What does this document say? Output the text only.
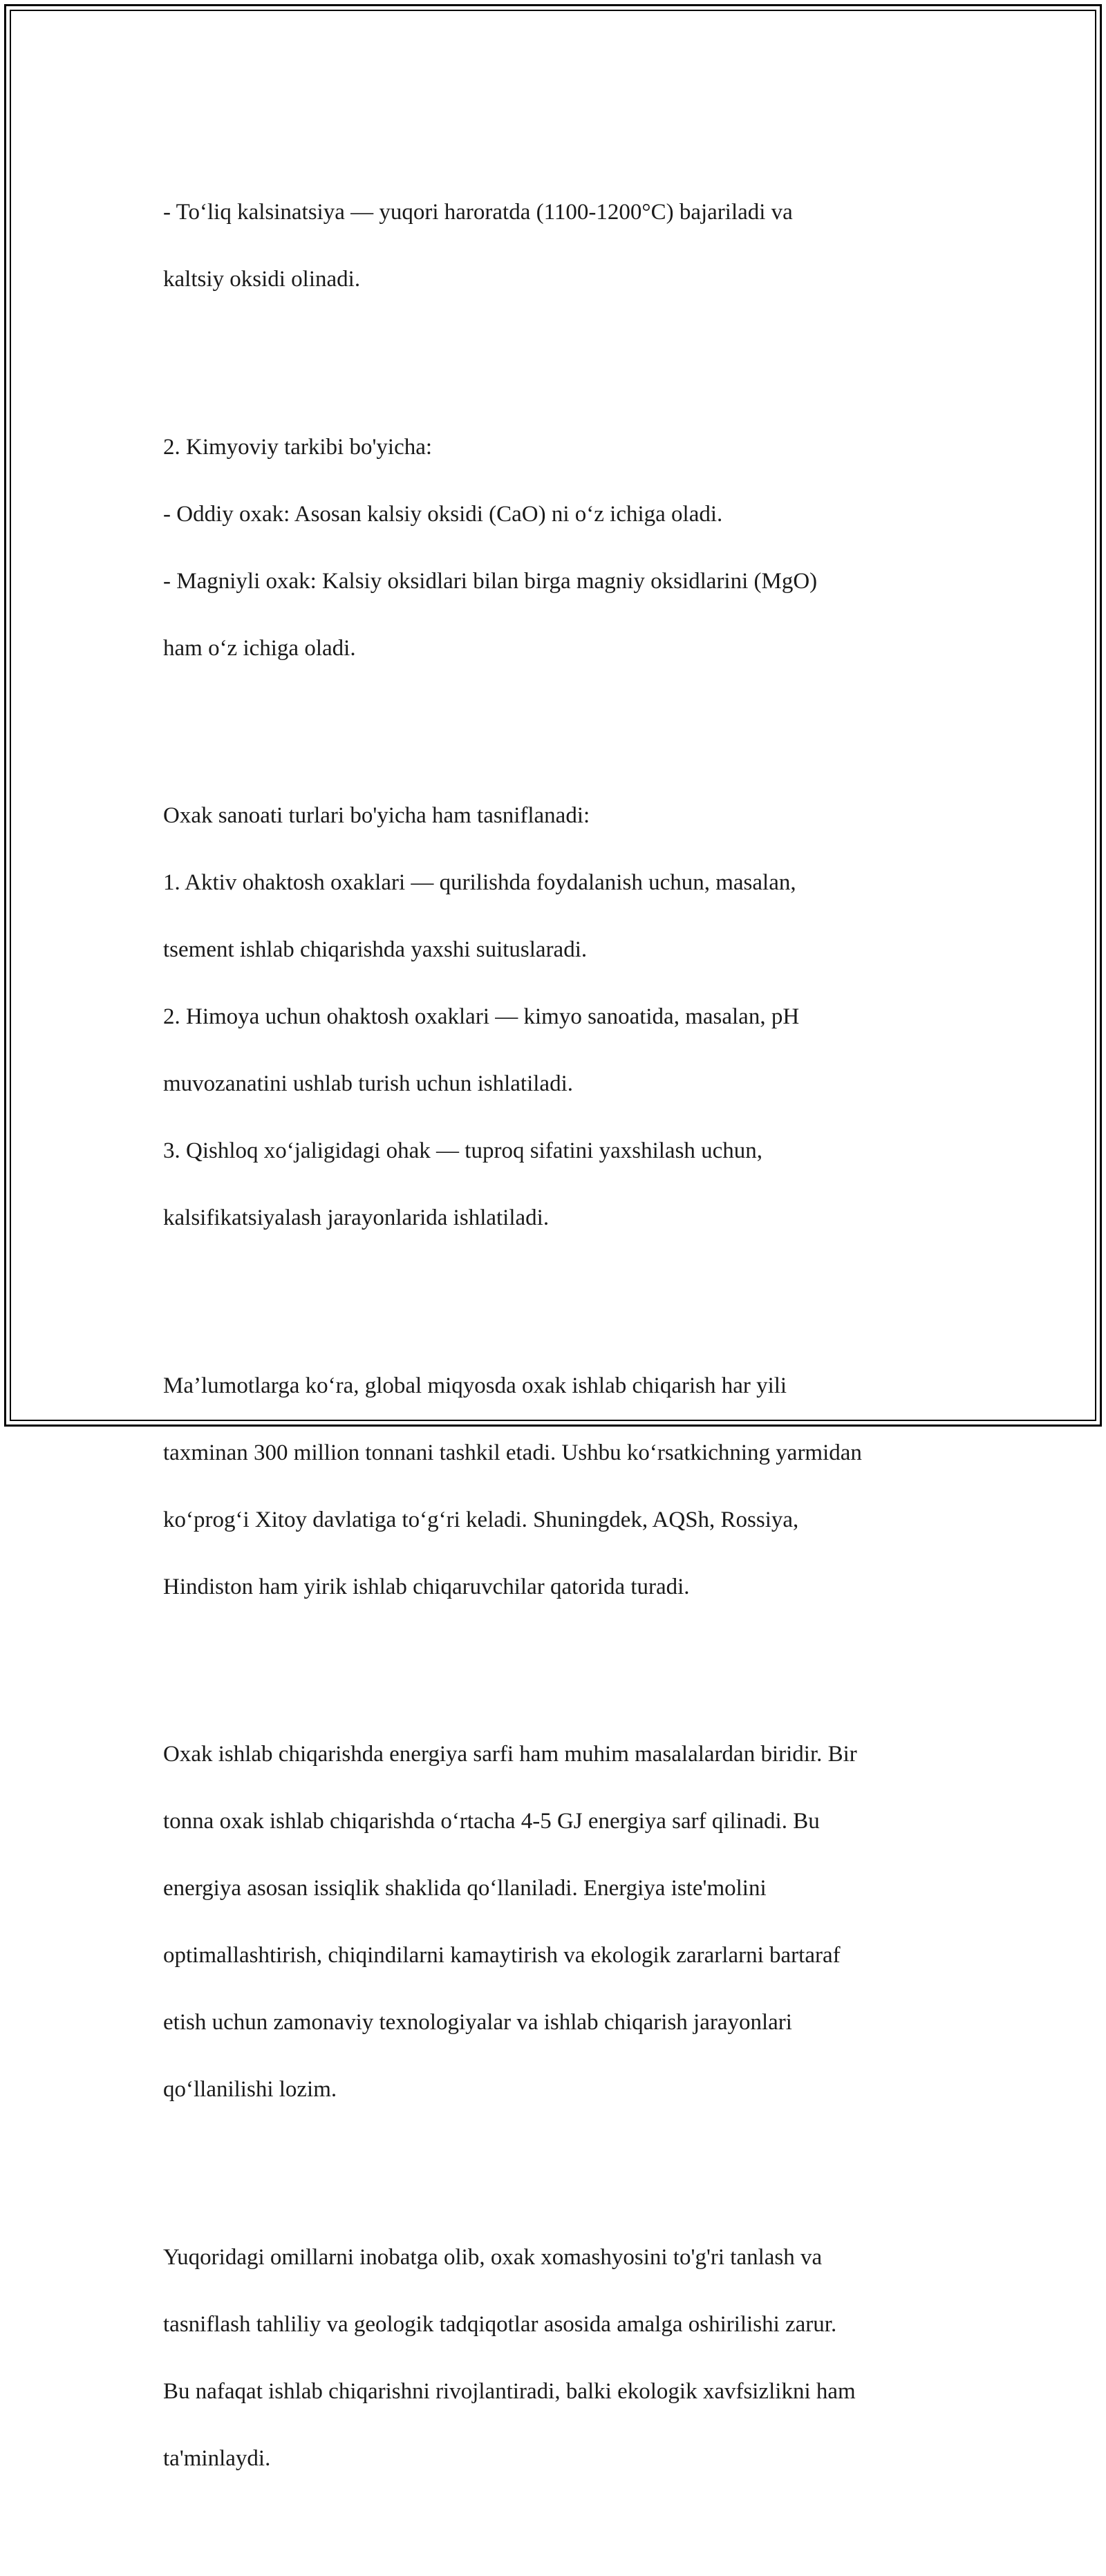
- To‘liq kalsinatsiya — yuqori haroratda (1100-1200°C) bajariladi va

kaltsiy oksidi olinadi.

2. Kimyoviy tarkibi bo'yicha:

- Oddiy oxak: Asosan kalsiy oksidi (CaO) ni o‘z ichiga oladi.

- Magniyli oxak: Kalsiy oksidlari bilan birga magniy oksidlarini (MgO)

ham o‘z ichiga oladi.

Oxak sanoati turlari bo'yicha ham tasniflanadi:

1. Aktiv ohaktosh oxaklari — qurilishda foydalanish uchun, masalan,

tsement ishlab chiqarishda yaxshi suituslaradi.

2. Himoya uchun ohaktosh oxaklari — kimyo sanoatida, masalan, pH

muvozanatini ushlab turish uchun ishlatiladi.

3. Qishloq xo‘jaligidagi ohak — tuproq sifatini yaxshilash uchun,

kalsifikatsiyalash jarayonlarida ishlatiladi.

Ma’lumotlarga ko‘ra, global miqyosda oxak ishlab chiqarish har yili

taxminan 300 million tonnani tashkil etadi. Ushbu ko‘rsatkichning yarmidan

ko‘prog‘i Xitoy davlatiga to‘g‘ri keladi. Shuningdek, AQSh, Rossiya,

Hindiston ham yirik ishlab chiqaruvchilar qatorida turadi.

Oxak ishlab chiqarishda energiya sarfi ham muhim masalalardan biridir. Bir

tonna oxak ishlab chiqarishda o‘rtacha 4-5 GJ energiya sarf qilinadi. Bu

energiya asosan issiqlik shaklida qo‘llaniladi. Energiya iste'molini

optimallashtirish, chiqindilarni kamaytirish va ekologik zararlarni bartaraf

etish uchun zamonaviy texnologiyalar va ishlab chiqarish jarayonlari

qo‘llanilishi lozim.

Yuqoridagi omillarni inobatga olib, oxak xomashyosini to'g'ri tanlash va

tasniflash tahliliy va geologik tadqiqotlar asosida amalga oshirilishi zarur.

Bu nafaqat ishlab chiqarishni rivojlantiradi, balki ekologik xavfsizlikni ham

ta'minlaydi.
